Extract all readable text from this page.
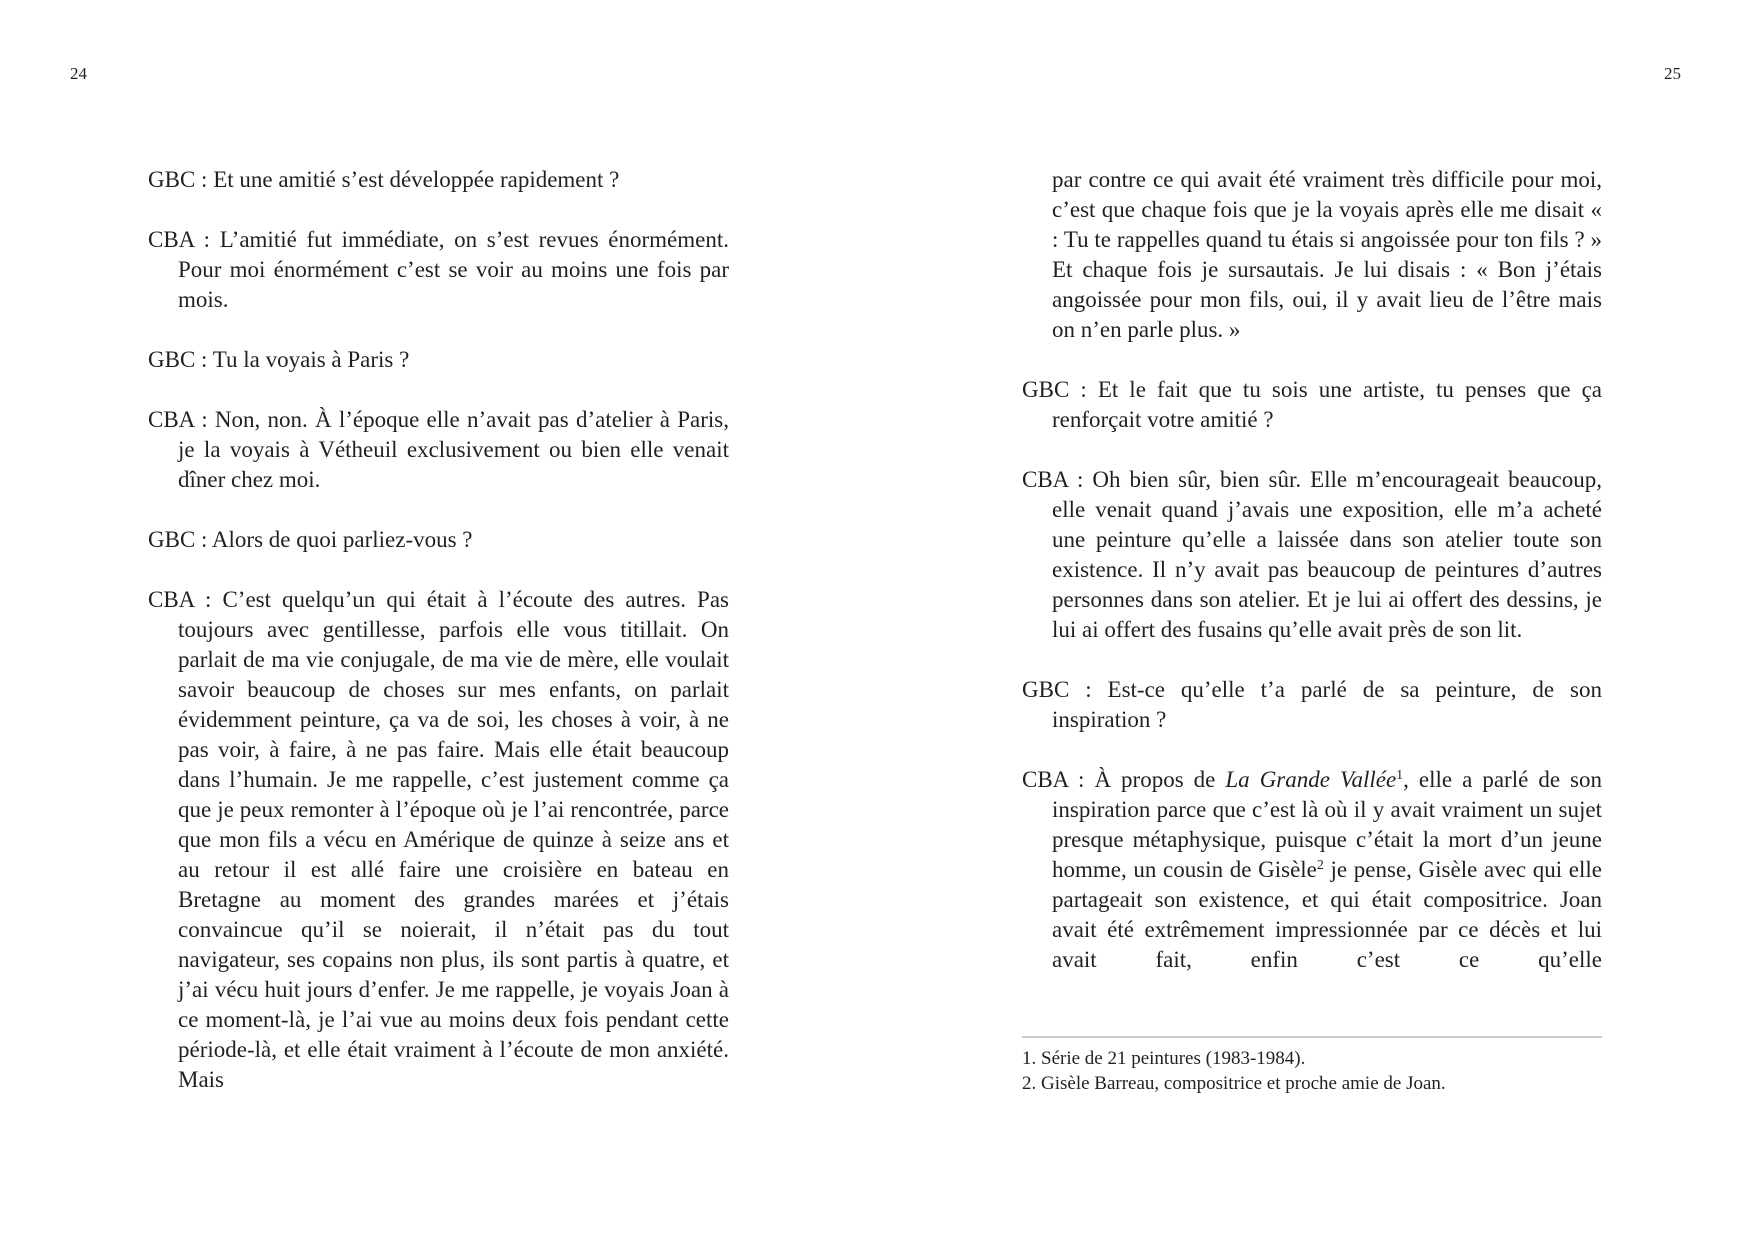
24	25

GBC : Et une amitié s’est développée rapidement ?

CBA : L’amitié fut immédiate, on s’est revues énormément. Pour moi énormément c’est se voir au moins une fois par mois.

GBC : Tu la voyais à Paris ?

CBA : Non, non. À l’époque elle n’avait pas d’atelier à Paris, je la voyais à Vétheuil exclusivement ou bien elle venait dîner chez moi.

GBC : Alors de quoi parliez-vous ?

CBA : C’est quelqu’un qui était à l’écoute des autres. Pas toujours avec gentillesse, parfois elle vous titillait. On parlait de ma vie conjugale, de ma vie de mère, elle voulait savoir beaucoup de choses sur mes enfants, on parlait évidemment peinture, ça va de soi, les choses à voir, à ne pas voir, à faire, à ne pas faire. Mais elle était beaucoup dans l’humain. Je me rappelle, c’est justement comme ça que je peux remonter à l’époque où je l’ai rencontrée, parce que mon fils a vécu en Amérique de quinze à seize ans et au retour il est allé faire une croisière en bateau en Bretagne au moment des grandes marées et j’étais convaincue qu’il se noierait, il n’était pas du tout navigateur, ses copains non plus, ils sont partis à quatre, et j’ai vécu huit jours d’enfer. Je me rappelle, je voyais Joan à ce moment-là, je l’ai vue au moins deux fois pendant cette période-là, et elle était vraiment à l’écoute de mon anxiété. Mais

par contre ce qui avait été vraiment très difficile pour moi, c’est que chaque fois que je la voyais après elle me disait « : Tu te rappelles quand tu étais si angoissée pour ton fils ? » Et chaque fois je sursautais. Je lui disais : « Bon j’étais angoissée pour mon fils, oui, il y avait lieu de l’être mais on n’en parle plus. »

GBC : Et le fait que tu sois une artiste, tu penses que ça renforçait votre amitié ?

CBA : Oh bien sûr, bien sûr. Elle m’encourageait beaucoup, elle venait quand j’avais une exposition, elle m’a acheté une peinture qu’elle a laissée dans son atelier toute son existence. Il n’y avait pas beaucoup de peintures d’autres personnes dans son atelier. Et je lui ai offert des dessins, je lui ai offert des fusains qu’elle avait près de son lit.

GBC : Est-ce qu’elle t’a parlé de sa peinture, de son inspiration ?

CBA : À propos de La Grande Vallée$^1$, elle a parlé de son inspiration parce que c’est là où il y avait vraiment un sujet presque métaphysique, puisque c’était la mort d’un jeune homme, un cousin de Gisèle$^2$ je pense, Gisèle avec qui elle partageait son existence, et qui était compositrice. Joan avait été extrêmement impressionnée par ce décès et lui avait fait, enfin c’est ce qu’elle

1. Série de 21 peintures (1983-1984).

2. Gisèle Barreau, compositrice et proche amie de Joan.
